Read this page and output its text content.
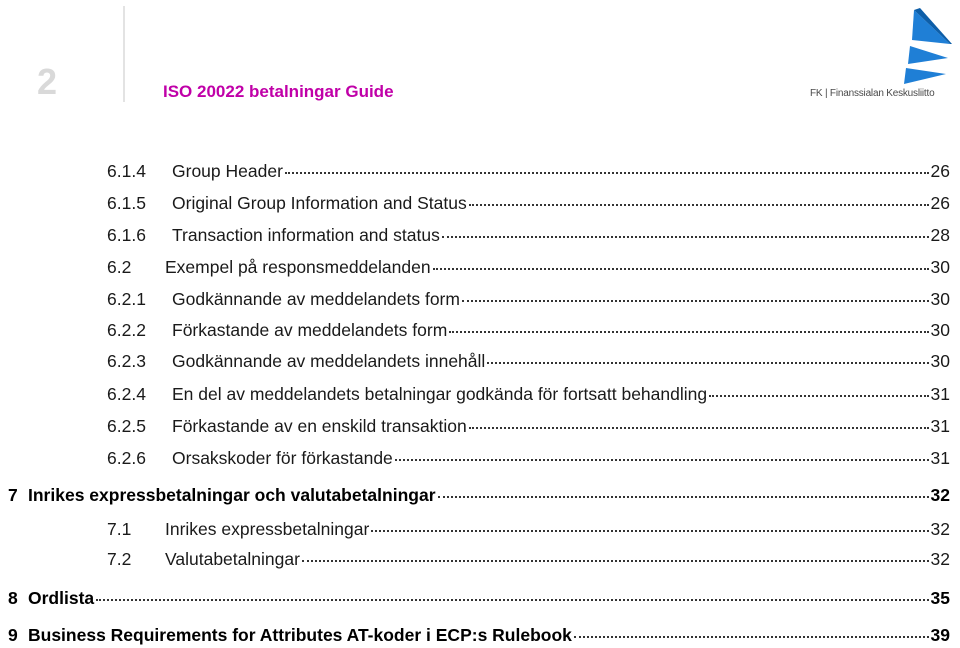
2	ISO 20022 betalningar Guide	FK | Finanssialan Keskusliitto
6.1.4	Group Header	26
6.1.5	Original Group Information and Status	26
6.1.6	Transaction information and status	28
6.2	Exempel på responsmeddelanden	30
6.2.1	Godkännande av meddelandets form	30
6.2.2	Förkastande av meddelandets form	30
6.2.3	Godkännande av meddelandets innehåll	30
6.2.4	En del av meddelandets betalningar godkända för fortsatt behandling	31
6.2.5	Förkastande av en enskild transaktion	31
6.2.6	Orsakskoder för förkastande	31
7 Inrikes expressbetalningar och valutabetalningar	32
7.1	Inrikes expressbetalningar	32
7.2	Valutabetalningar	32
8 Ordlista	35
9 Business Requirements for Attributes AT-koder i ECP:s Rulebook	39
